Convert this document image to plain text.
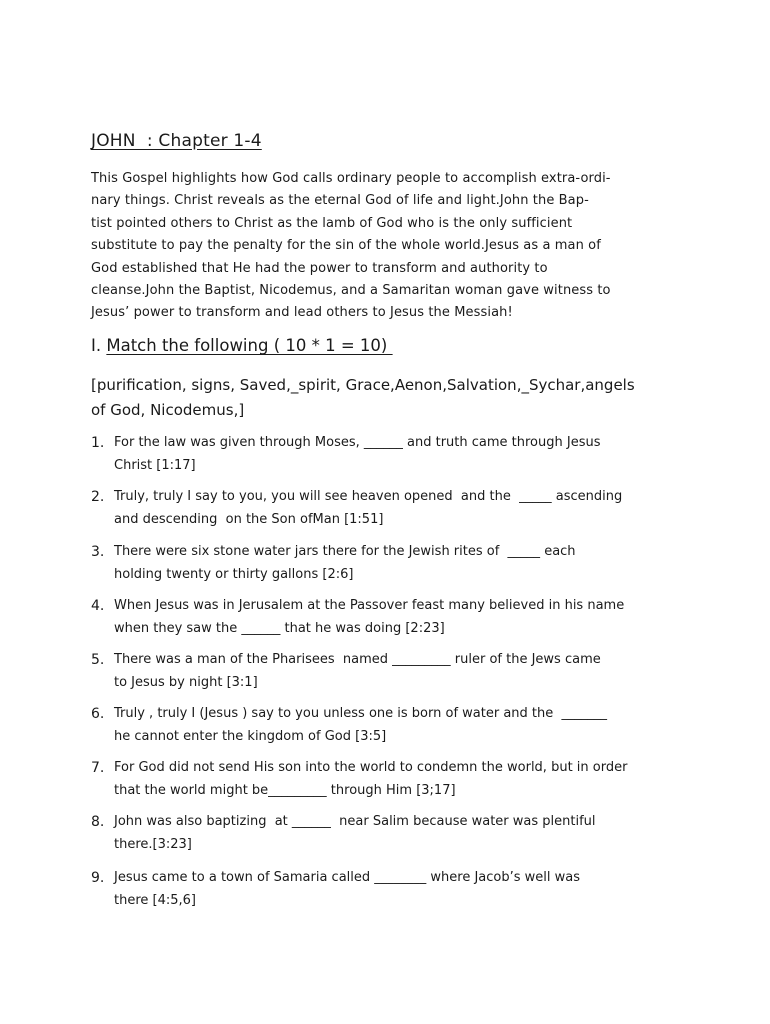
JOHN  : Chapter 1-4
This Gospel highlights how God calls ordinary people to accomplish extra-ordi-
nary things. Christ reveals as the eternal God of life and light.John the Bap-
tist pointed others to Christ as the lamb of God who is the only sufficient
substitute to pay the penalty for the sin of the whole world.Jesus as a man of
God established that He had the power to transform and authority to
cleanse.John the Baptist, Nicodemus, and a Samaritan woman gave witness to
Jesus’ power to transform and lead others to Jesus the Messiah!
I. Match the following ( 10 * 1 = 10)
[purification, signs, Saved,_spirit, Grace,Aenon,Salvation,_Sychar,angels
of God, Nicodemus,]
1. For the law was given through Moses, ______ and truth came through Jesus
Christ [1:17]
2. Truly, truly I say to you, you will see heaven opened  and the  _____ ascending
and descending  on the Son ofMan [1:51]
3. There were six stone water jars there for the Jewish rites of  _____ each
holding twenty or thirty gallons [2:6]
4. When Jesus was in Jerusalem at the Passover feast many believed in his name
when they saw the ______ that he was doing [2:23]
5. There was a man of the Pharisees  named _________ ruler of the Jews came
to Jesus by night [3:1]
6. Truly , truly I (Jesus ) say to you unless one is born of water and the  _______
he cannot enter the kingdom of God [3:5]
7. For God did not send His son into the world to condemn the world, but in order
that the world might be_________ through Him [3;17]
8. John was also baptizing  at ______  near Salim because water was plentiful
there.[3:23]
9. Jesus came to a town of Samaria called ________ where Jacob’s well was
there [4:5,6]
